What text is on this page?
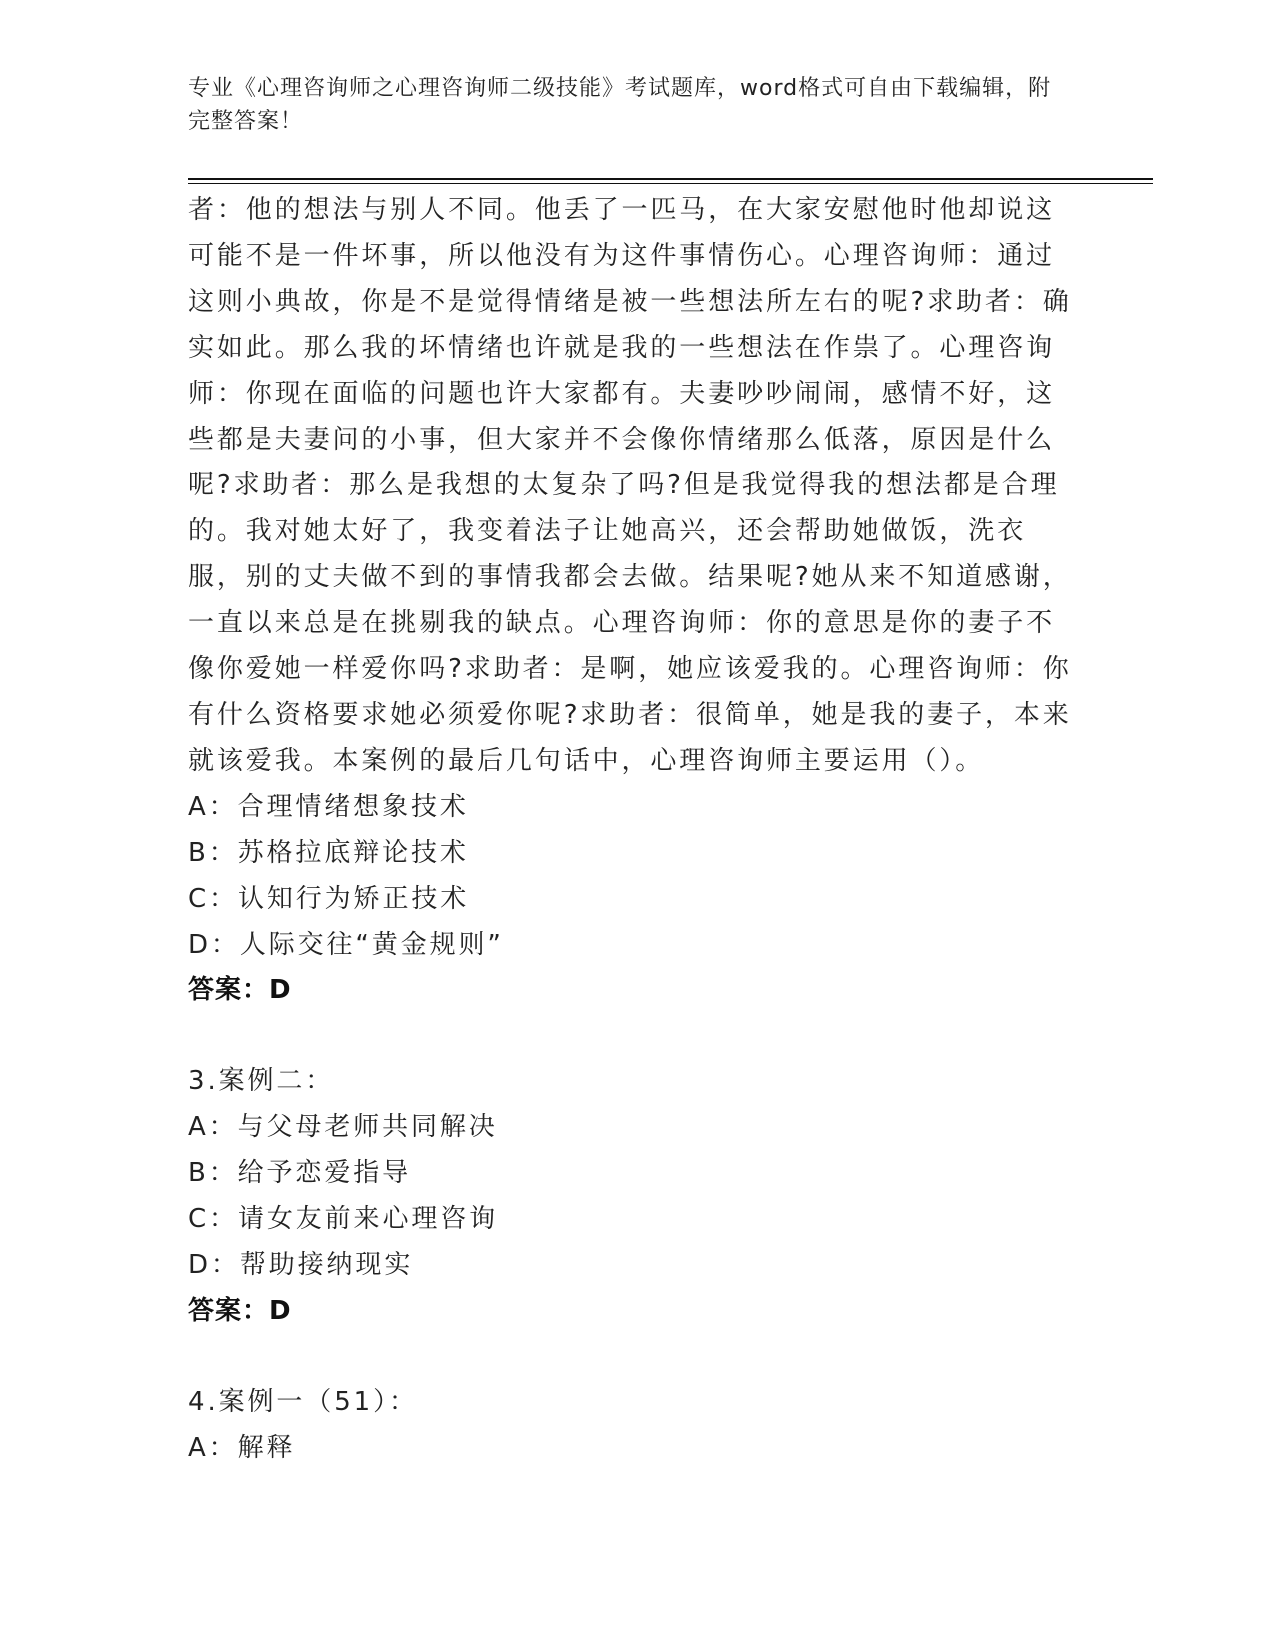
专业《心理咨询师之心理咨询师二级技能》考试题库，word格式可自由下载编辑，附完整答案！

者：他的想法与别人不同。他丢了一匹马，在大家安慰他时他却说这可能不是一件坏事，所以他没有为这件事情伤心。心理咨询师：通过这则小典故，你是不是觉得情绪是被一些想法所左右的呢?求助者：确实如此。那么我的坏情绪也许就是我的一些想法在作祟了。心理咨询师：你现在面临的问题也许大家都有。夫妻吵吵闹闹，感情不好，这些都是夫妻问的小事，但大家并不会像你情绪那么低落，原因是什么呢?求助者：那么是我想的太复杂了吗?但是我觉得我的想法都是合理的。我对她太好了，我变着法子让她高兴，还会帮助她做饭，洗衣服，别的丈夫做不到的事情我都会去做。结果呢?她从来不知道感谢，一直以来总是在挑剔我的缺点。心理咨询师：你的意思是你的妻子不像你爱她一样爱你吗?求助者：是啊，她应该爱我的。心理咨询师：你有什么资格要求她必须爱你呢?求助者：很简单，她是我的妻子，本来就该爱我。本案例的最后几句话中，心理咨询师主要运用（）。

A：合理情绪想象技术
B：苏格拉底辩论技术
C：认知行为矫正技术
D：人际交往“黄金规则”
答案：D
3.案例二：
A：与父母老师共同解决
B：给予恋爱指导
C：请女友前来心理咨询
D：帮助接纳现实
答案：D
4.案例一（51）：
A：解释
